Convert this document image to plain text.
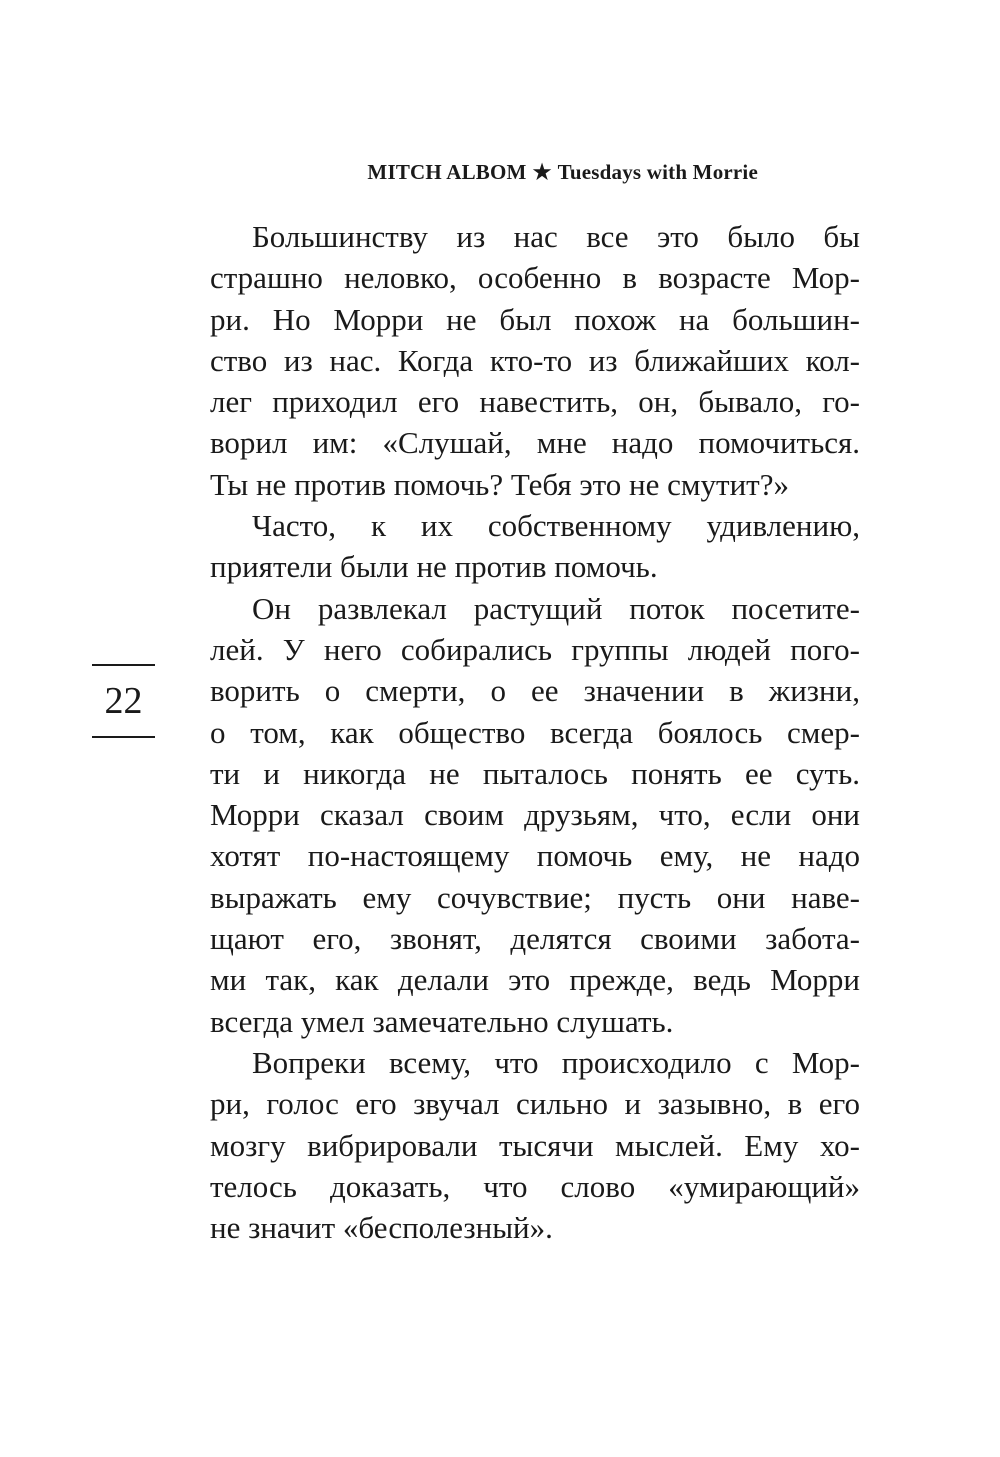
MITCH ALBOM ★ Tuesdays with Morrie
22
Большинству из нас все это было бы
страшно неловко, особенно в возрасте Мор-
ри. Но Морри не был похож на большин-
ство из нас. Когда кто-то из ближайших кол-
лег приходил его навестить, он, бывало, го-
ворил им: «Слушай, мне надо помочиться.
Ты не против помочь? Тебя это не смутит?»
Часто, к их собственному удивлению,
приятели были не против помочь.
Он развлекал растущий поток посетите-
лей. У него собирались группы людей пого-
ворить о смерти, о ее значении в жизни,
о том, как общество всегда боялось смер-
ти и никогда не пыталось понять ее суть.
Морри сказал своим друзьям, что, если они
хотят по-настоящему помочь ему, не надо
выражать ему сочувствие; пусть они наве-
щают его, звонят, делятся своими забота-
ми так, как делали это прежде, ведь Морри
всегда умел замечательно слушать.
Вопреки всему, что происходило с Мор-
ри, голос его звучал сильно и зазывно, в его
мозгу вибрировали тысячи мыслей. Ему хо-
телось доказать, что слово «умирающий»
не значит «бесполезный».
